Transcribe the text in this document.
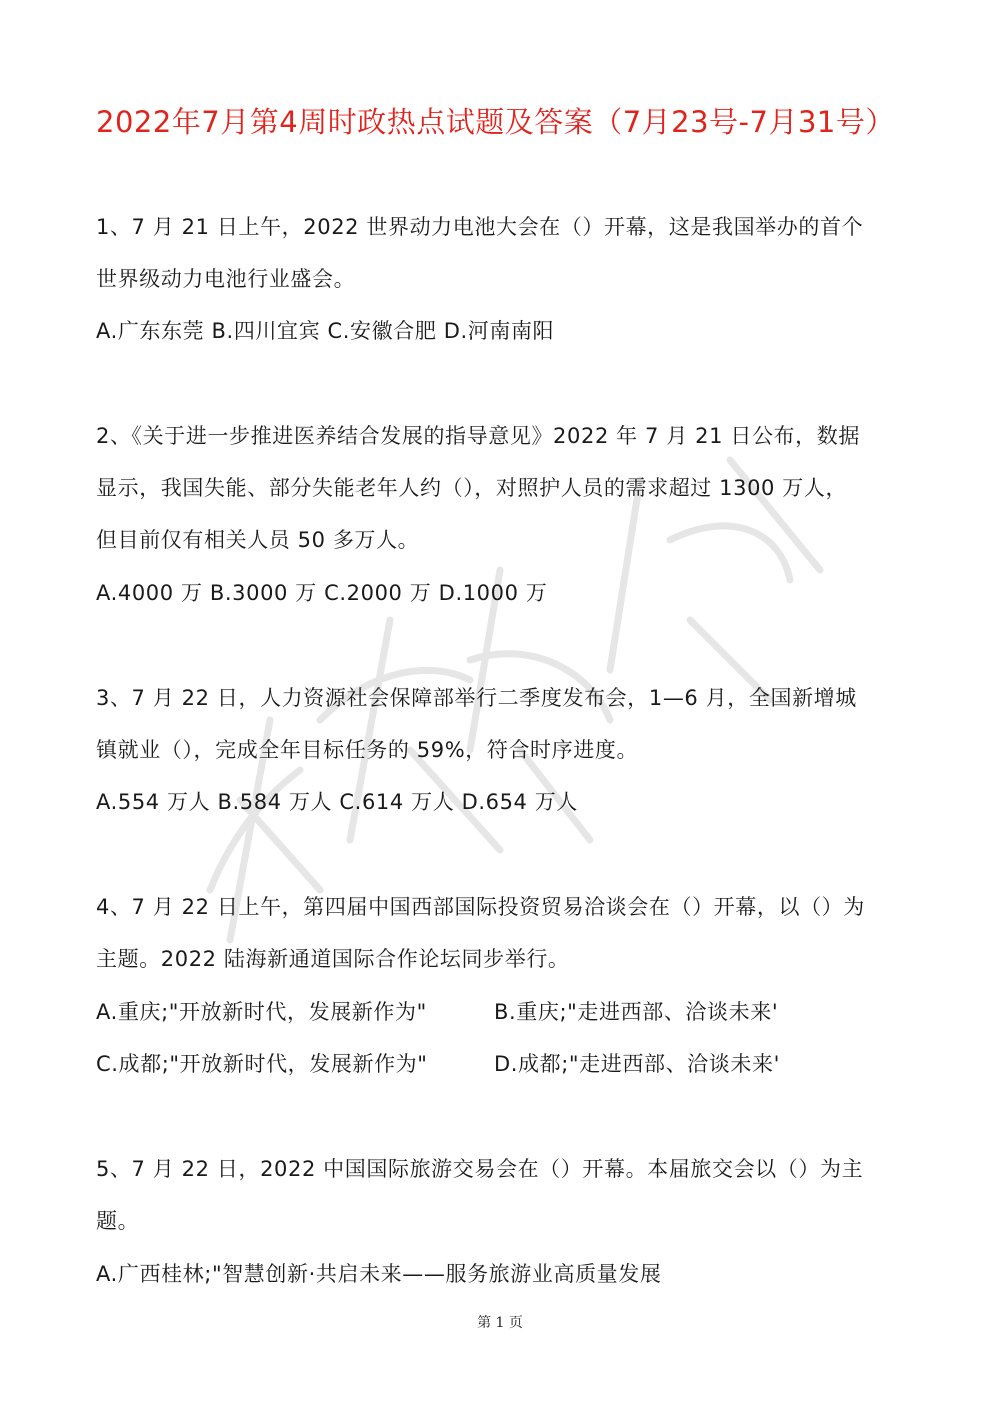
2022年7月第4周时政热点试题及答案（7月23号-7月31号）
1、7 月 21 日上午，2022 世界动力电池大会在（）开幕，这是我国举办的首个
世界级动力电池行业盛会。
A.广东东莞 B.四川宜宾 C.安徽合肥 D.河南南阳
2、《关于进一步推进医养结合发展的指导意见》2022 年 7 月 21 日公布，数据
显示，我国失能、部分失能老年人约（），对照护人员的需求超过 1300 万人，
但目前仅有相关人员 50 多万人。
A.4000 万 B.3000 万 C.2000 万 D.1000 万
3、7 月 22 日，人力资源社会保障部举行二季度发布会，1—6 月，全国新增城
镇就业（），完成全年目标任务的 59%，符合时序进度。
A.554 万人 B.584 万人 C.614 万人 D.654 万人
4、7 月 22 日上午，第四届中国西部国际投资贸易洽谈会在（）开幕，以（）为
主题。2022 陆海新通道国际合作论坛同步举行。
A.重庆;"开放新时代，发展新作为"	B.重庆;"走进西部、洽谈未来'
C.成都;"开放新时代，发展新作为"	D.成都;"走进西部、洽谈未来'
5、7 月 22 日，2022 中国国际旅游交易会在（）开幕。本届旅交会以（）为主
题。
A.广西桂林;"智慧创新·共启未来——服务旅游业高质量发展
第 1 页
